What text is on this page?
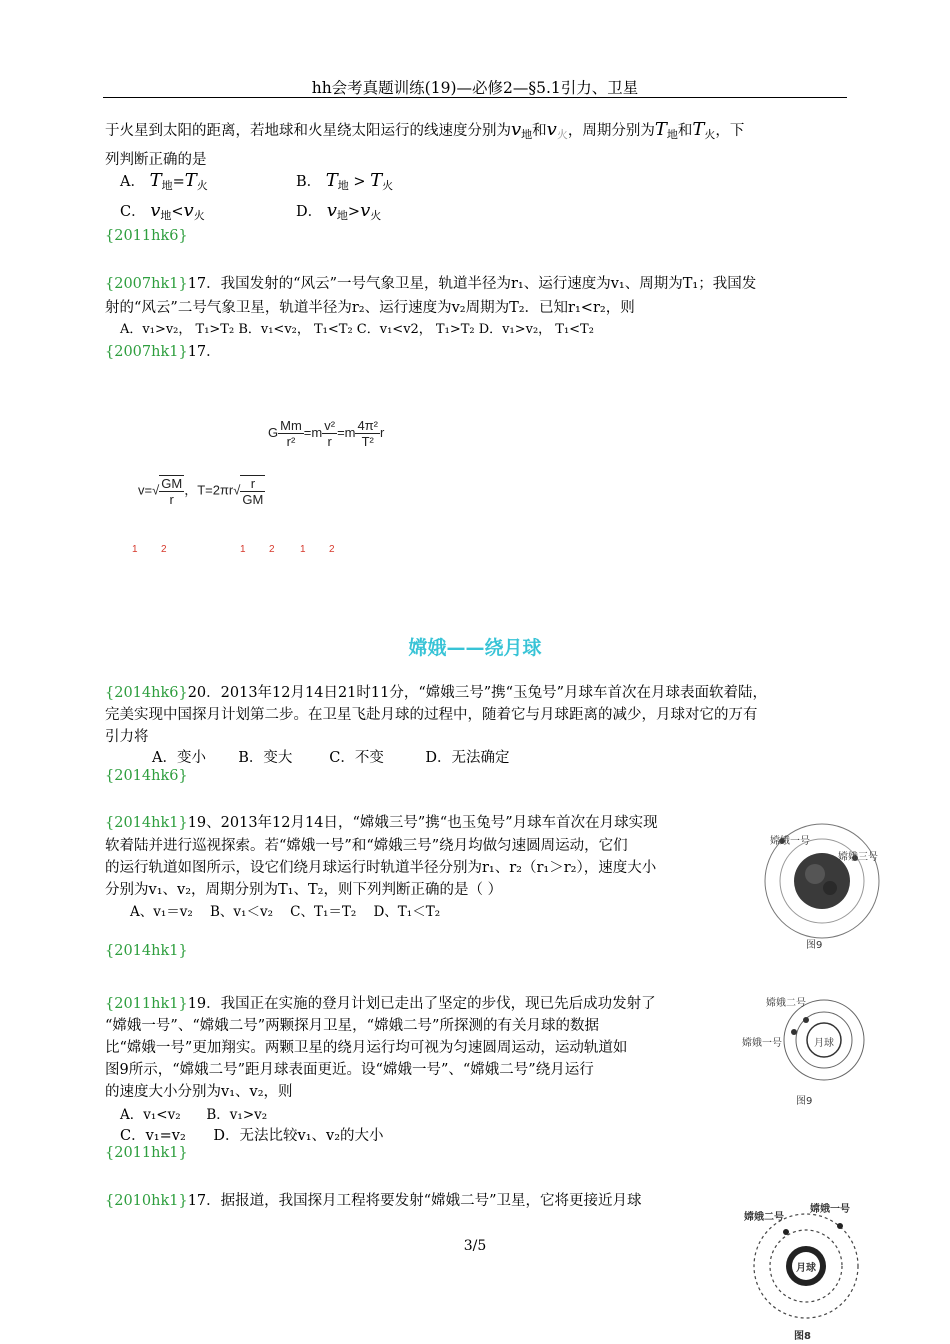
hh会考真题训练(19)—必修2—§5.1引力、卫星
于火星到太阳的距离，若地球和火星绕太阳运行的线速度分别为$v_地$和$v_火$，周期分别为$T_地$和$T_火$，下
列判断正确的是
A． $T_地=T_火$	B． $T_地 > T_火$
C． $v_地<v_火$	D． $v_地>v_火$
{2011hk6}
{2007hk1}17．我国发射的“风云”一号气象卫星，轨道半径为r₁、运行速度为v₁、周期为T₁；我国发
射的“风云”二号气象卫星，轨道半径为r₂、运行速度为v₂周期为T₂．已知r₁<r₂，则
A．v₁>v₂， T₁>T₂ B．v₁<v₂， T₁<T₂ C．v₁<v2， T₁>T₂ D．v₁>v₂， T₁<T₂
{2007hk1}17．
G $\frac{Mm}{\text{r²}} =m \frac{\text{v²}}{r} =m \frac{\text{4π²}}{\text{T²}}$ r
$v=√ \frac{GM}{r}$ ，$T=2\pi r√ \frac{r}{GM}$
1 2	1 2	1 2
嫦娥——绕月球
{2014hk6}20．2013年12月14日21时11分，“嫦娥三号”携“玉兔号”月球车首次在月球表面软着陆，
完美实现中国探月计划第二步。在卫星飞赴月球的过程中，随着它与月球距离的减少，月球对它的万有
引力将
A．变小       B．变大        C．不变         D．无法确定
{2014hk6}
{2014hk1}19、2013年12月14日，“嫦娥三号”携“也玉兔号”月球车首次在月球实现
软着陆并进行巡视探索。若“嫦娥一号”和“嫦娥三号”绕月均做匀速圆周运动，它们
的运行轨道如图所示，设它们绕月球运行时轨道半径分别为r₁、r₂（r₁＞r₂），速度大小
分别为v₁、v₂，周期分别为T₁、T₂，则下列判断正确的是（ ）
A、v₁＝v₂    B、v₁＜v₂    C、T₁＝T₂    D、T₁＜T₂
{2014hk1}
嫦娥一号
嫦娥三号
图9
{2011hk1}19．我国正在实施的登月计划已走出了坚定的步伐，现已先后成功发射了
“嫦娥一号”、“嫦娥二号”两颗探月卫星，“嫦娥二号”所探测的有关月球的数据
比“嫦娥一号”更加翔实。两颗卫星的绕月运行均可视为匀速圆周运动，运动轨道如
图9所示，“嫦娥二号”距月球表面更近。设“嫦娥一号”、“嫦娥二号”绕月运行
的速度大小分别为v₁、v₂，则
A．v₁<v₂      B．v₁>v₂
C．v₁=v₂      D．无法比较v₁、v₂的大小
{2011hk1}
嫦娥二号
嫦娥一号	月球
图9
{2010hk1}17．据报道，我国探月工程将要发射“嫦娥二号”卫星，它将更接近月球
嫦娥二号
嫦娥一号
月球
图8
3/5
